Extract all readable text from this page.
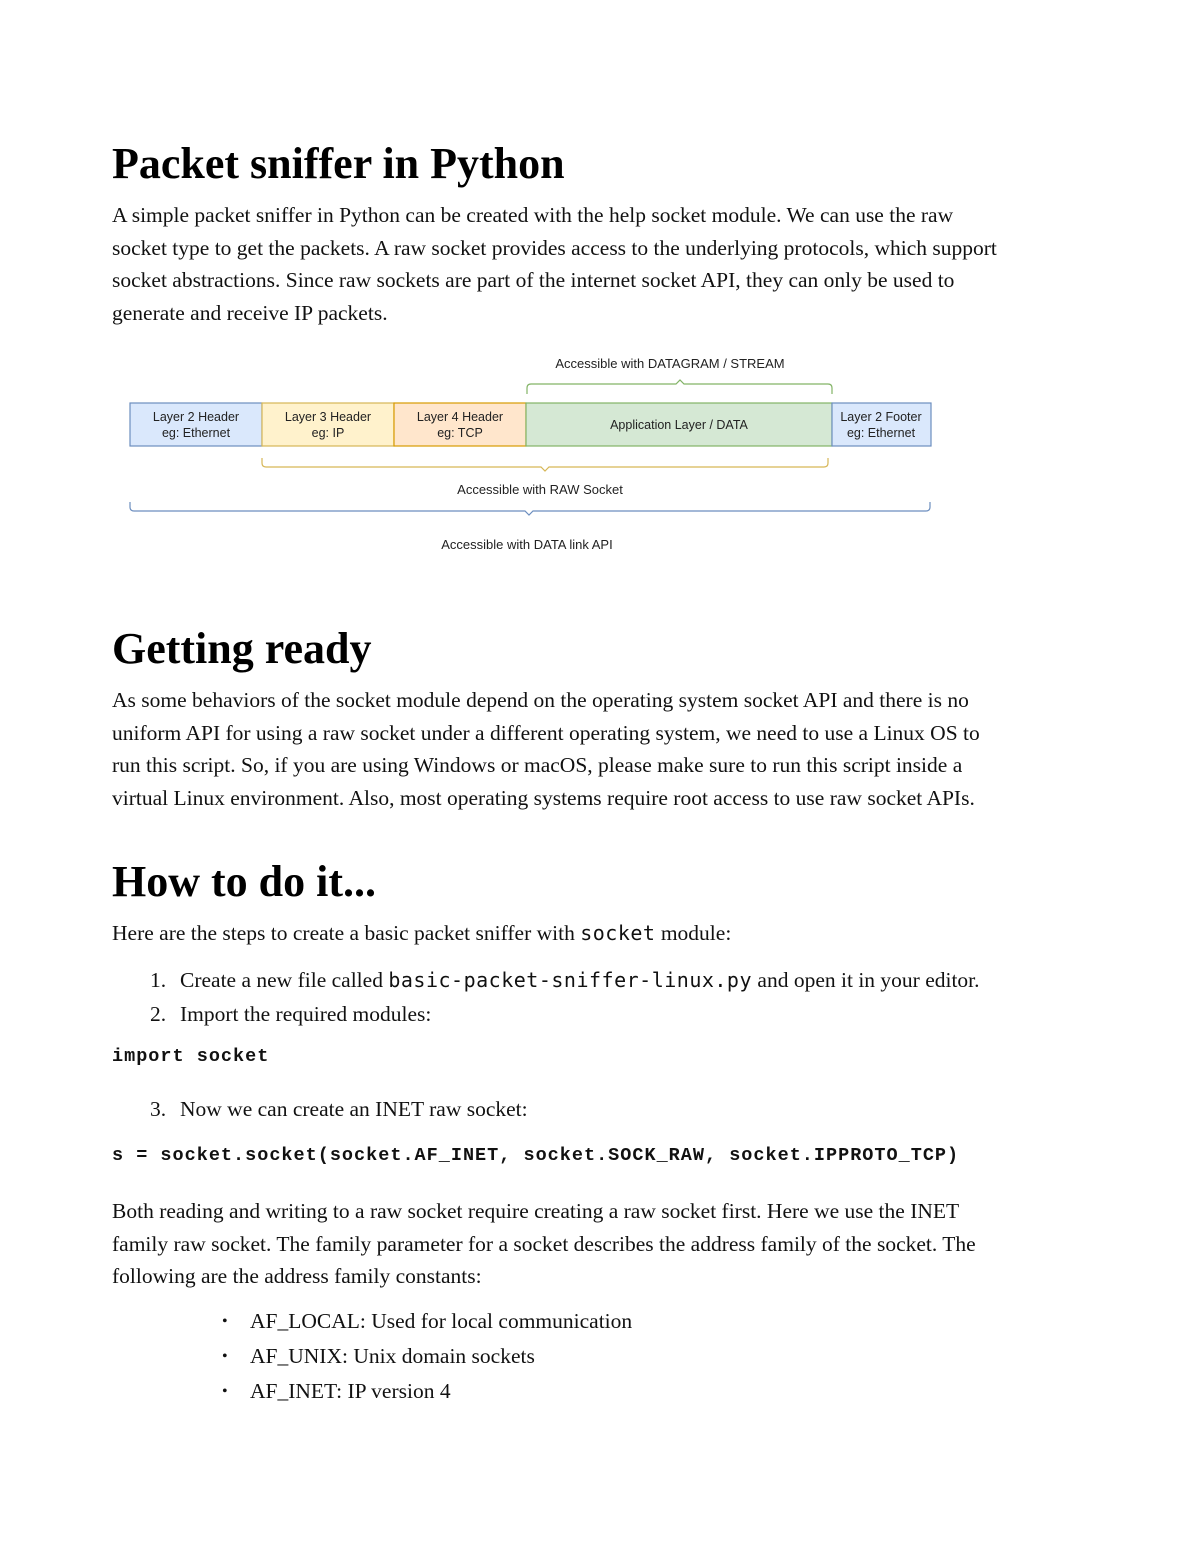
Packet sniffer in Python

A simple packet sniffer in Python can be created with the help socket module. We can use the raw
socket type to get the packets. A raw socket provides access to the underlying protocols, which support
socket abstractions. Since raw sockets are part of the internet socket API, they can only be used to
generate and receive IP packets.

Accessible with DATAGRAM / STREAM
Layer 2 Header
eg: Ethernet
Layer 3 Header
eg: IP
Layer 4 Header
eg: TCP
Application Layer / DATA
Layer 2 Footer
eg: Ethernet
Accessible with RAW Socket
Accessible with DATA link API
Getting ready

As some behaviors of the socket module depend on the operating system socket API and there is no
uniform API for using a raw socket under a different operating system, we need to use a Linux OS to
run this script. So, if you are using Windows or macOS, please make sure to run this script inside a
virtual Linux environment. Also, most operating systems require root access to use raw socket APIs.

How to do it...

Here are the steps to create a basic packet sniffer with socket module:

1. Create a new file called basic-packet-sniffer-linux.py and open it in your editor.
2. Import the required modules:
import socket
3. Now we can create an INET raw socket:
s = socket.socket(socket.AF_INET, socket.SOCK_RAW, socket.IPPROTO_TCP)

Both reading and writing to a raw socket require creating a raw socket first. Here we use the INET
family raw socket. The family parameter for a socket describes the address family of the socket. The
following are the address family constants:

• AF_LOCAL: Used for local communication
• AF_UNIX: Unix domain sockets
• AF_INET: IP version 4
